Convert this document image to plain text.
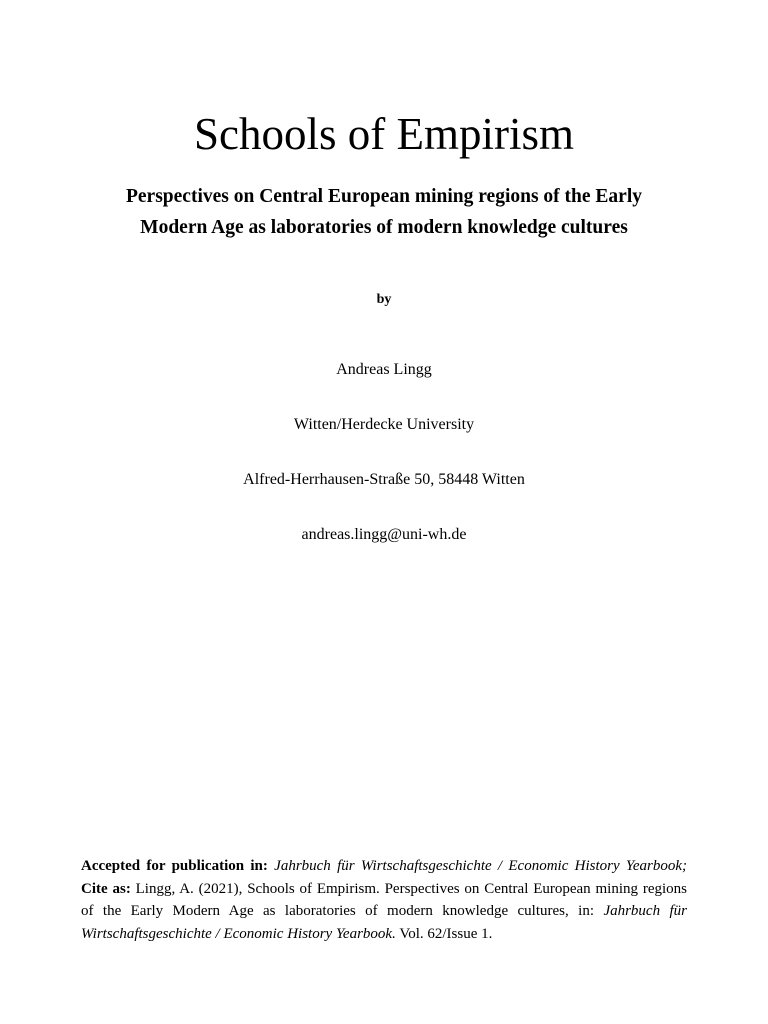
Schools of Empirism
Perspectives on Central European mining regions of the Early Modern Age as laboratories of modern knowledge cultures
by
Andreas Lingg
Witten/Herdecke University
Alfred-Herrhausen-Straße 50, 58448 Witten
andreas.lingg@uni-wh.de

Accepted for publication in: Jahrbuch für Wirtschaftsgeschichte / Economic History Yearbook; Cite as: Lingg, A. (2021), Schools of Empirism. Perspectives on Central European mining regions of the Early Modern Age as laboratories of modern knowledge cultures, in: Jahrbuch für Wirtschaftsgeschichte / Economic History Yearbook. Vol. 62/Issue 1.
